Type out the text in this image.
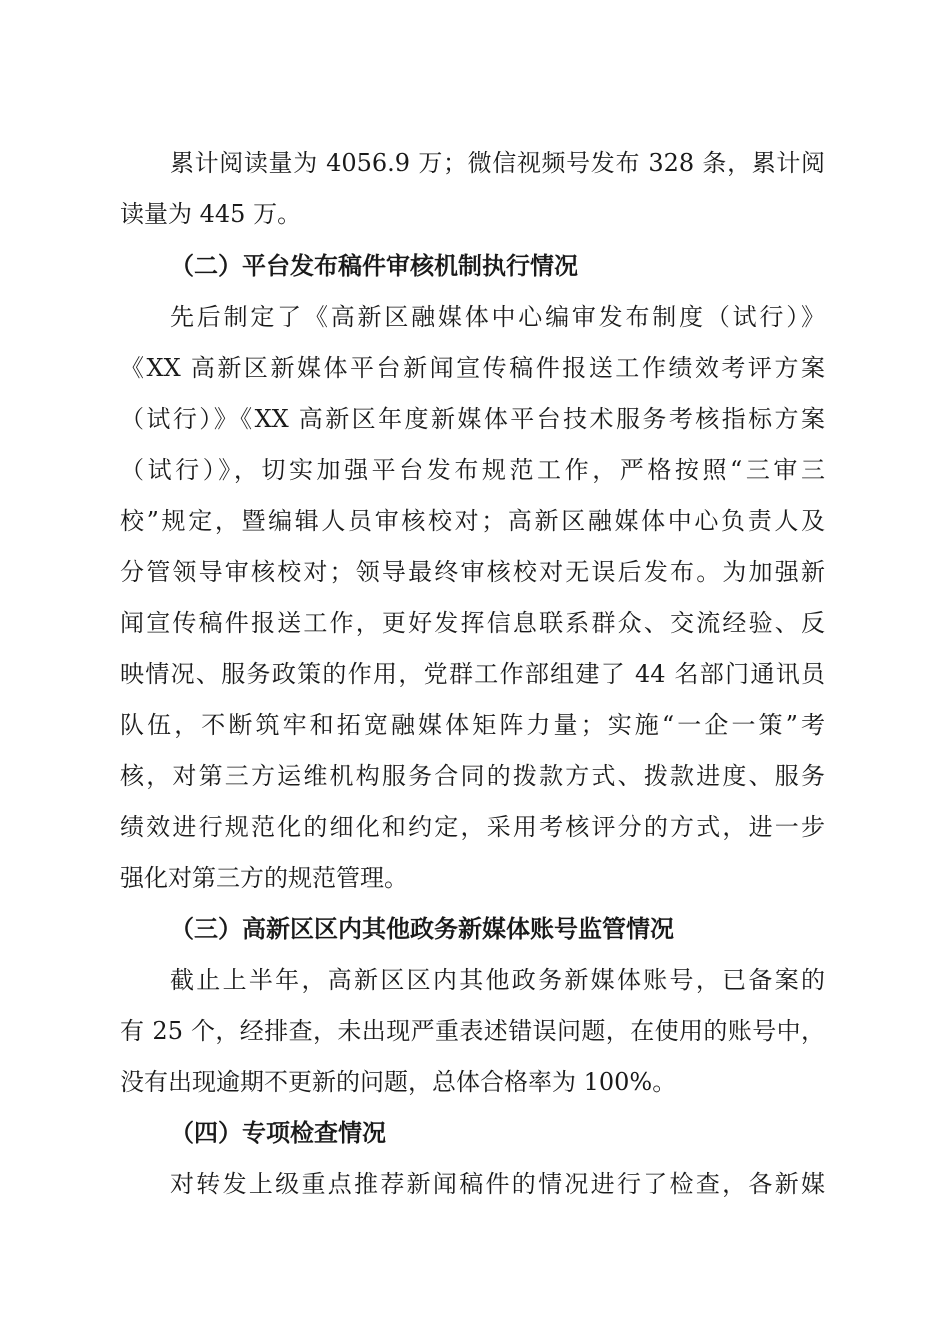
累计阅读量为 4056.9 万；微信视频号发布 328 条，累计阅
读量为 445 万。
（二）平台发布稿件审核机制执行情况
先后制定了《高新区融媒体中心编审发布制度（试行）》
《XX 高新区新媒体平台新闻宣传稿件报送工作绩效考评方案
（试行）》《XX 高新区年度新媒体平台技术服务考核指标方案
（试行）》，切实加强平台发布规范工作，严格按照“三审三
校”规定，暨编辑人员审核校对；高新区融媒体中心负责人及
分管领导审核校对；领导最终审核校对无误后发布。为加强新
闻宣传稿件报送工作，更好发挥信息联系群众、交流经验、反
映情况、服务政策的作用，党群工作部组建了 44 名部门通讯员
队伍，不断筑牢和拓宽融媒体矩阵力量；实施“一企一策”考
核，对第三方运维机构服务合同的拨款方式、拨款进度、服务
绩效进行规范化的细化和约定，采用考核评分的方式，进一步
强化对第三方的规范管理。
（三）高新区区内其他政务新媒体账号监管情况
截止上半年，高新区区内其他政务新媒体账号，已备案的
有 25 个，经排查，未出现严重表述错误问题，在使用的账号中，
没有出现逾期不更新的问题，总体合格率为 100%。
（四）专项检查情况
对转发上级重点推荐新闻稿件的情况进行了检查，各新媒
